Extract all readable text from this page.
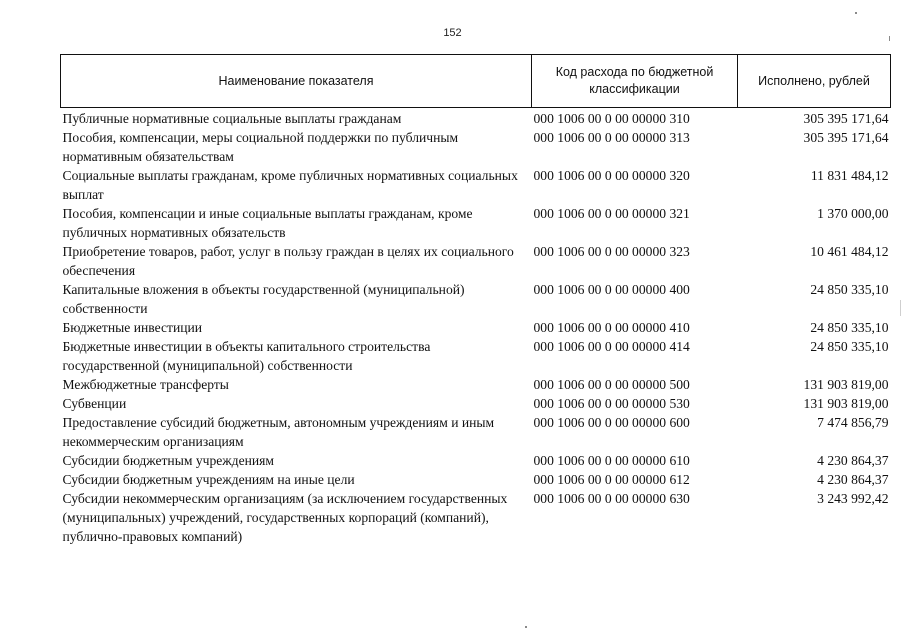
152
Наименование показателя	Код расхода по бюджетной классификации	Исполнено, рублей
Публичные нормативные социальные выплаты гражданам	000 1006 00 0 00 00000 310	305 395 171,64
Пособия, компенсации, меры социальной поддержки по публичным нормативным обязательствам	000 1006 00 0 00 00000 313	305 395 171,64
Социальные выплаты гражданам, кроме публичных нормативных социальных выплат	000 1006 00 0 00 00000 320	11 831 484,12
Пособия, компенсации и иные социальные выплаты гражданам, кроме публичных нормативных обязательств	000 1006 00 0 00 00000 321	1 370 000,00
Приобретение товаров, работ, услуг в пользу граждан в целях их социального обеспечения	000 1006 00 0 00 00000 323	10 461 484,12
Капитальные вложения в объекты государственной (муниципальной) собственности	000 1006 00 0 00 00000 400	24 850 335,10
Бюджетные инвестиции	000 1006 00 0 00 00000 410	24 850 335,10
Бюджетные инвестиции в объекты капитального строительства государственной (муниципальной) собственности	000 1006 00 0 00 00000 414	24 850 335,10
Межбюджетные трансферты	000 1006 00 0 00 00000 500	131 903 819,00
Субвенции	000 1006 00 0 00 00000 530	131 903 819,00
Предоставление субсидий бюджетным, автономным учреждениям и иным некоммерческим организациям	000 1006 00 0 00 00000 600	7 474 856,79
Субсидии бюджетным учреждениям	000 1006 00 0 00 00000 610	4 230 864,37
Субсидии бюджетным учреждениям на иные цели	000 1006 00 0 00 00000 612	4 230 864,37
Субсидии некоммерческим организациям (за исключением государственных (муниципальных) учреждений, государственных корпораций (компаний), публично-правовых компаний)	000 1006 00 0 00 00000 630	3 243 992,42
